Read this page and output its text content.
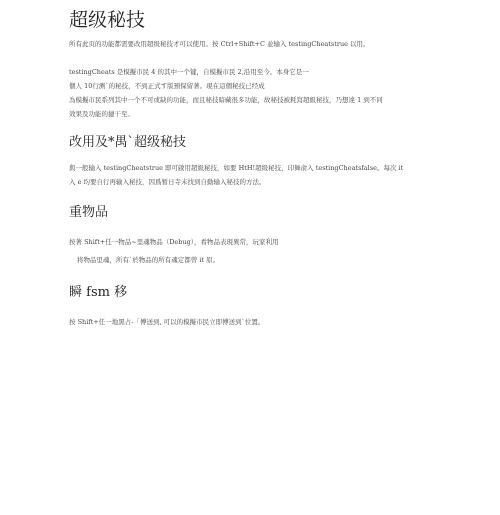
超级秘技
所有此页的功能都需要改用超级秘技才可以使用。按 Ctrl+Shift+C 並输入 testingCheatstrue 以用。
testingCheats 是模擬市民 4 的其中一个键，自模擬市民 2,沿用至今。本身它是一
個人 10行测`的秘技，不到正式す版預保留著。現在這個秘技已经成
為模擬市民系列其中一个不可或缺的功能，而且秘技暗藏很多功能，故秘技被耗寫超級秘技，乃想達 1 到不同
效果及功能的捷干至。
改用及*禺`超级秘技
與一般输入 testingCheatstrue 即可啟用超級秘技，如要 HtH!超级秘技，印舞俞入 testingCheatsfalse。每次 it
入 e 均要自行再输入秘技，因爲暂日寺未找到自動输入秘技的方法。
重物品
按著 Shift+任一物品~里魂物品（Debug），看物品表現異常，玩家利用
将物品里魂，所有`於物品的所有魂定都曾 it 原。
瞬 fsm 移
按 Shift+任一地黑占-「傅送到, 可以的模擬市民立即傅送到`位置。
